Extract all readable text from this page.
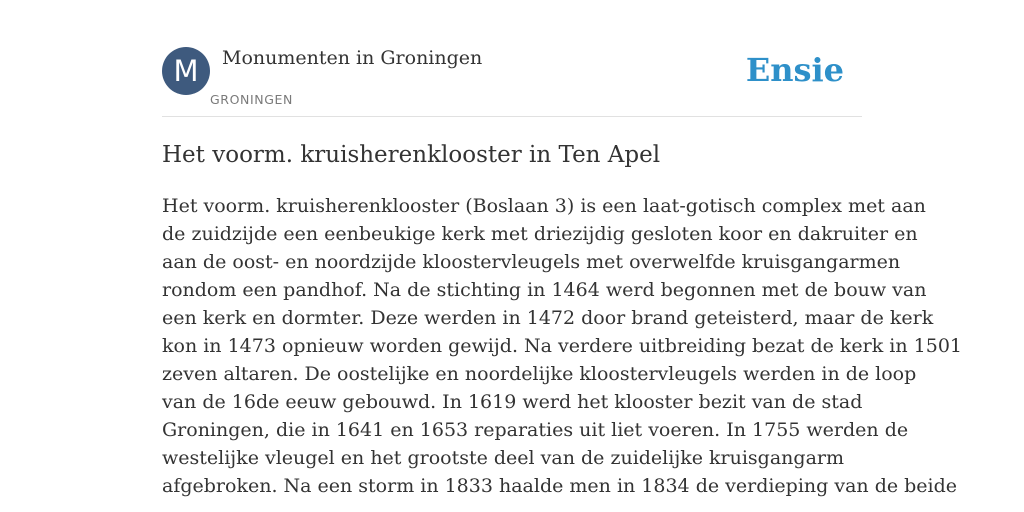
M	Monumenten in Groningen
GRONINGEN
Ensie
Het voorm. kruisherenklooster in Ten Apel

Het voorm. kruisherenklooster (Boslaan 3) is een laat-gotisch complex met aan
de zuidzijde een eenbeukige kerk met driezijdig gesloten koor en dakruiter en
aan de oost- en noordzijde kloostervleugels met overwelfde kruisgangarmen
rondom een pandhof. Na de stichting in 1464 werd begonnen met de bouw van
een kerk en dormter. Deze werden in 1472 door brand geteisterd, maar de kerk
kon in 1473 opnieuw worden gewijd. Na verdere uitbreiding bezat de kerk in 1501
zeven altaren. De oostelijke en noordelijke kloostervleugels werden in de loop
van de 16de eeuw gebouwd. In 1619 werd het klooster bezit van de stad
Groningen, die in 1641 en 1653 reparaties uit liet voeren. In 1755 werden de
westelijke vleugel en het grootste deel van de zuidelijke kruisgangarm
afgebroken. Na een storm in 1833 haalde men in 1834 de verdieping van de beide
